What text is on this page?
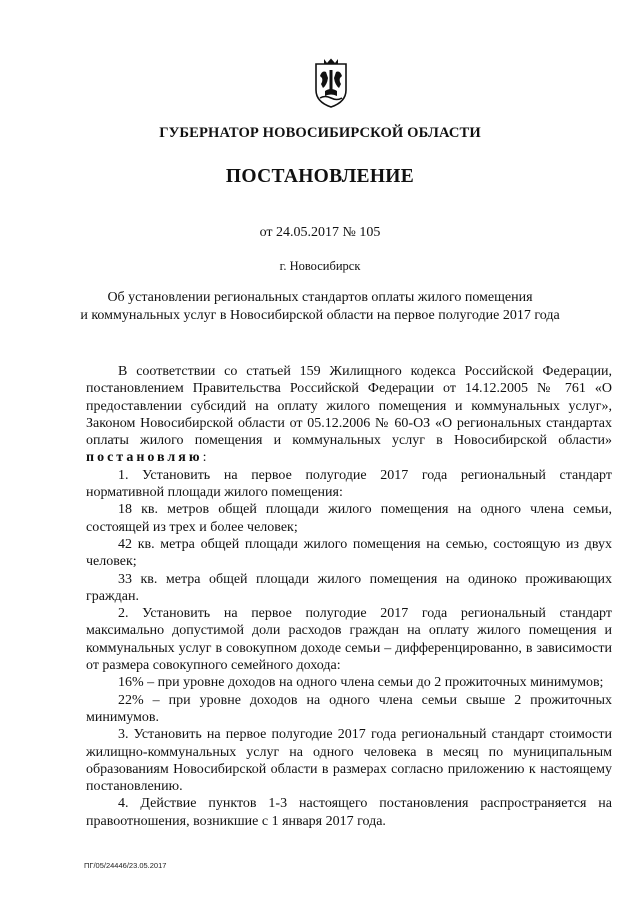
ГУБЕРНАТОР НОВОСИБИРСКОЙ ОБЛАСТИ
ПОСТАНОВЛЕНИЕ
от 24.05.2017 № 105
г. Новосибирск
Об установлении региональных стандартов оплаты жилого помещения
и коммунальных услуг в Новосибирской области на первое полугодие 2017 года

В соответствии со статьей 159 Жилищного кодекса Российской Федерации, постановлением Правительства Российской Федерации от 14.12.2005 № 761 «О предоставлении субсидий на оплату жилого помещения и коммунальных услуг», Законом Новосибирской области от 05.12.2006 № 60-ОЗ «О региональных стандартах оплаты жилого помещения и коммунальных услуг в Новосибирской области» постановляю:

1. Установить на первое полугодие 2017 года региональный стандарт нормативной площади жилого помещения:

18 кв. метров общей площади жилого помещения на одного члена семьи, состоящей из трех и более человек;

42 кв. метра общей площади жилого помещения на семью, состоящую из двух человек;

33 кв. метра общей площади жилого помещения на одиноко проживающих граждан.

2. Установить на первое полугодие 2017 года региональный стандарт максимально допустимой доли расходов граждан на оплату жилого помещения и коммунальных услуг в совокупном доходе семьи – дифференцированно, в зависимости от размера совокупного семейного дохода:

16% – при уровне доходов на одного члена семьи до 2 прожиточных минимумов;

22% – при уровне доходов на одного члена семьи свыше 2 прожиточных минимумов.

3. Установить на первое полугодие 2017 года региональный стандарт стоимости жилищно-коммунальных услуг на одного человека в месяц по муниципальным образованиям Новосибирской области в размерах согласно приложению к настоящему постановлению.

4. Действие пунктов 1-3 настоящего постановления распространяется на правоотношения, возникшие с 1 января 2017 года.

ПГ/05/24446/23.05.2017
